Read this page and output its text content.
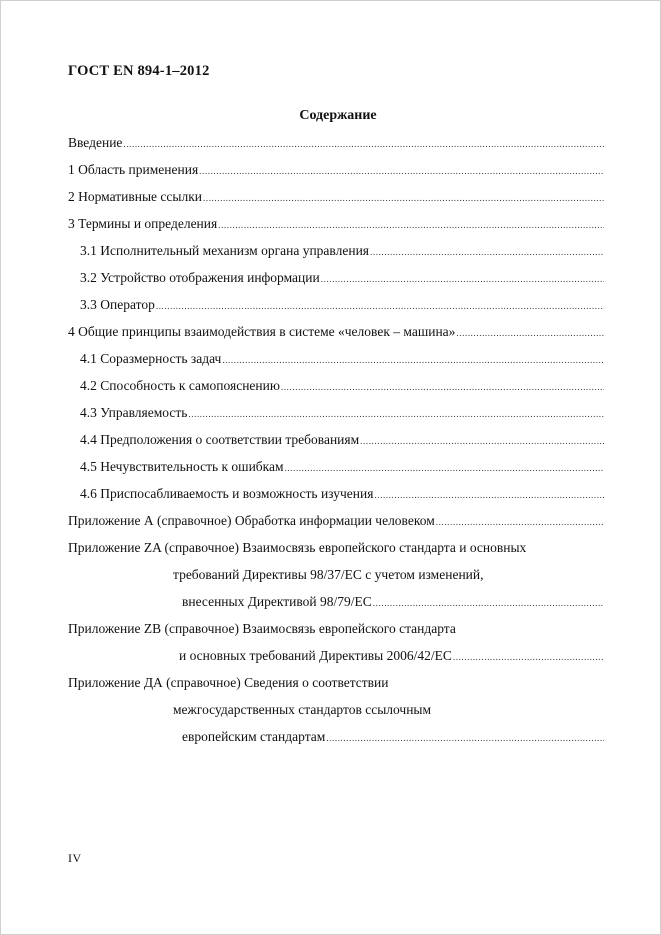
ГОСТ EN 894-1–2012
Содержание
Введение
.....
1 Область применения
.....
2 Нормативные ссылки
.....
3 Термины и определения
.....
3.1 Исполнительный механизм органа управления
.....
3.2 Устройство отображения информации
.....
3.3 Оператор
.....
4 Общие принципы взаимодействия в системе «человек – машина»
.....
4.1 Соразмерность задач
.....
4.2 Способность к самопояснению
.....
4.3 Управляемость
.....
4.4 Предположения о соответствии требованиям
.....
4.5 Нечувствительность к ошибкам
.....
4.6 Приспосабливаемость и возможность изучения
.....
Приложение А (справочное) Обработка информации человеком
.....
Приложение ZA (справочное) Взаимосвязь европейского стандарта и основных
требований Директивы 98/37/ЕС с учетом изменений,
внесенных Директивой 98/79/ЕС
.....
Приложение ZB (справочное) Взаимосвязь европейского стандарта
и основных требований Директивы 2006/42/ЕС
.....
Приложение ДА (справочное) Сведения о соответствии
межгосударственных стандартов ссылочным
европейским стандартам
.....
IV
